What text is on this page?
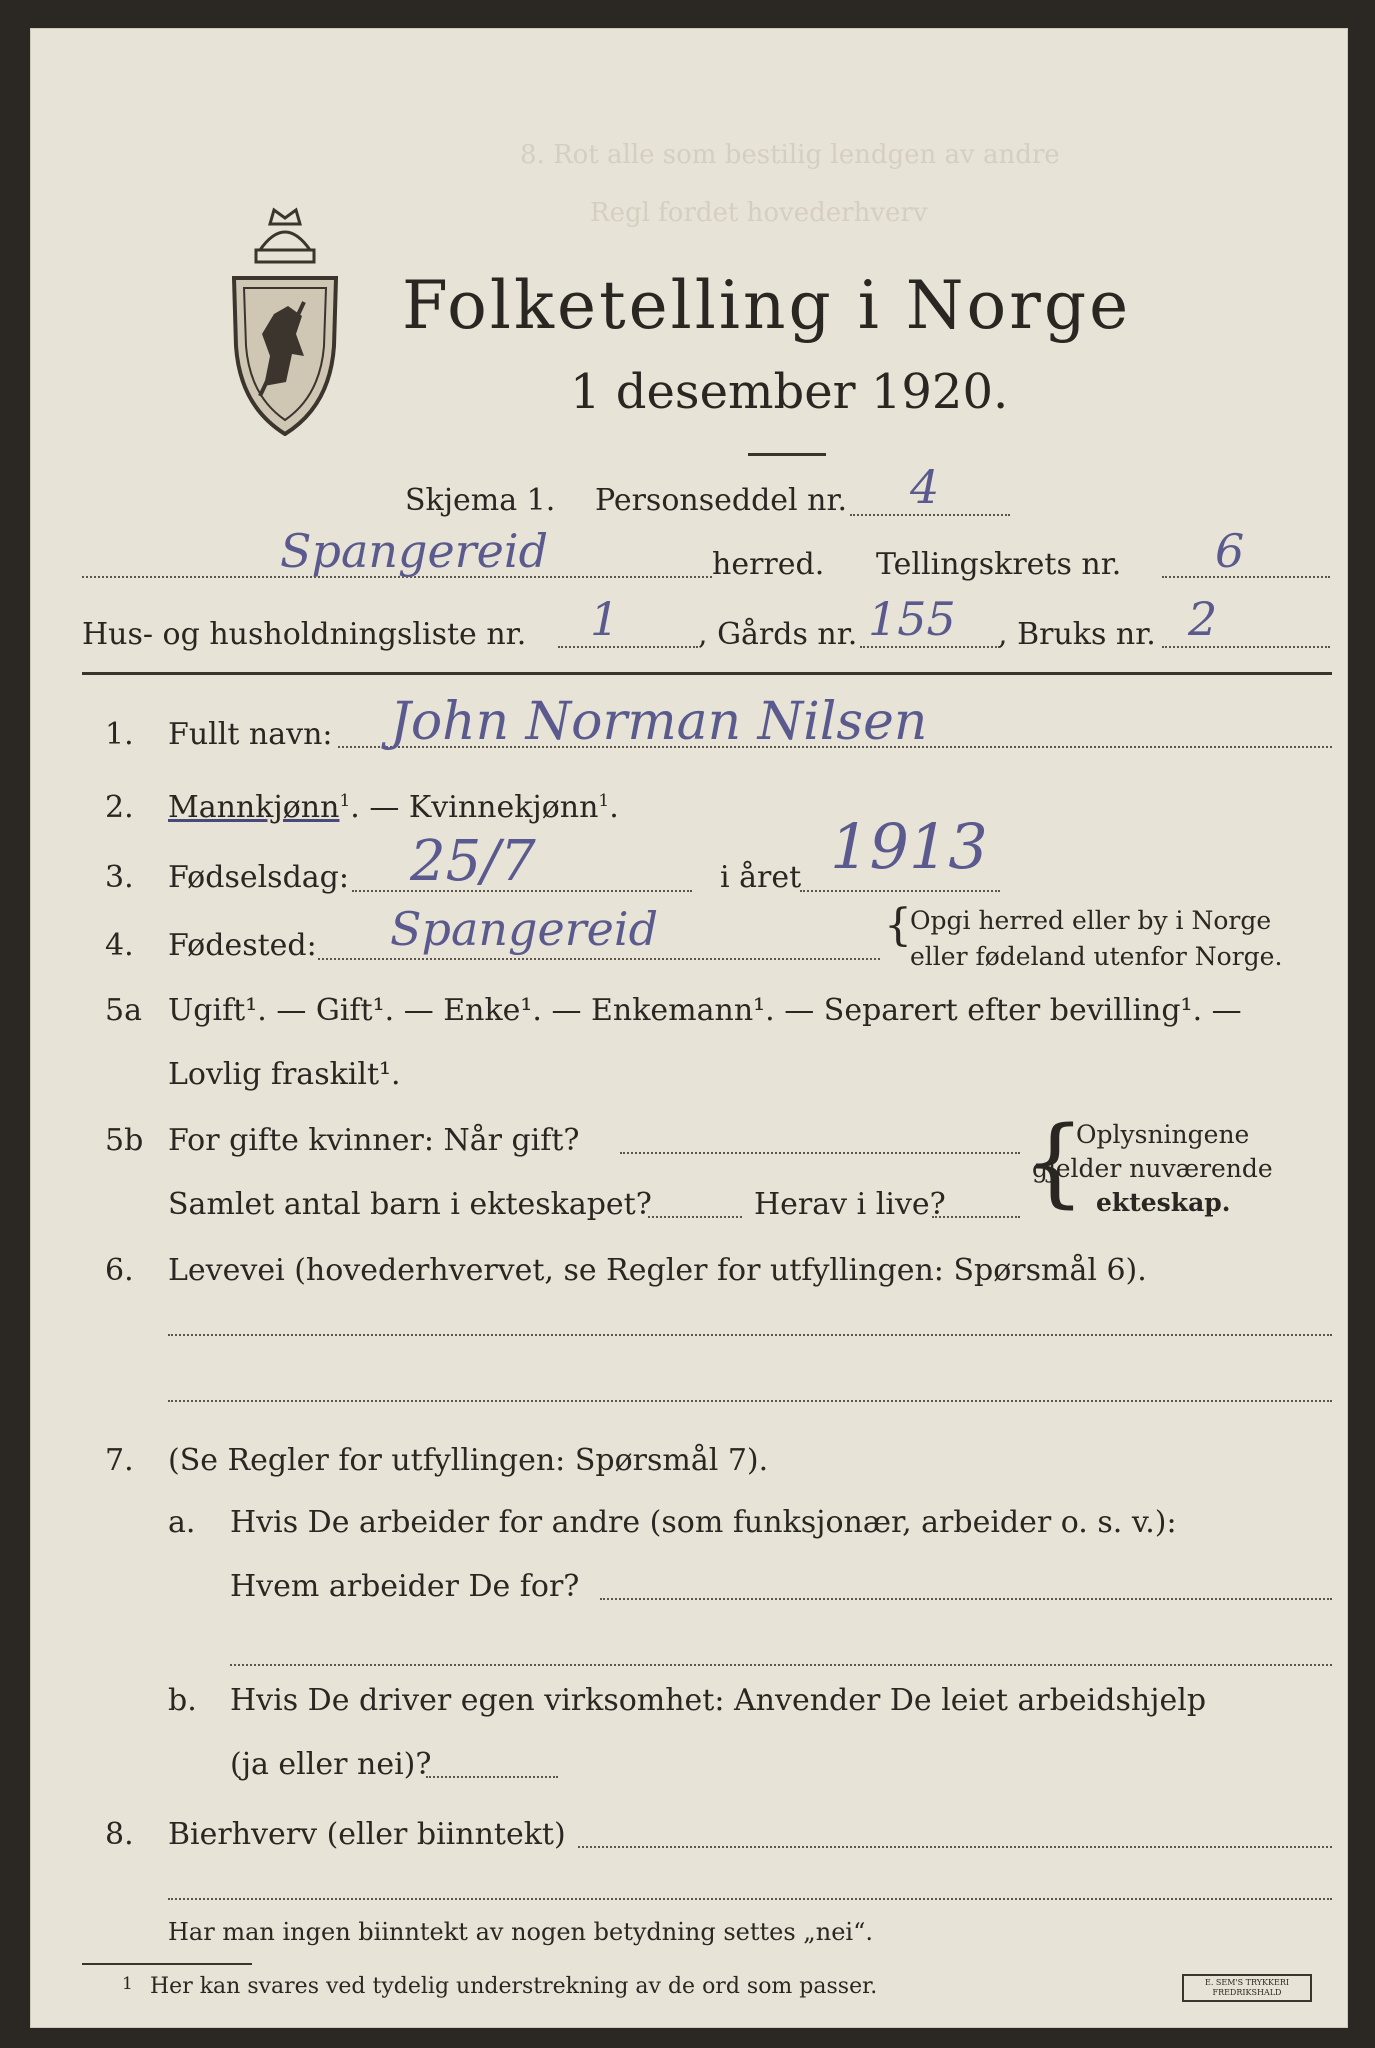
8. Rot alle som bestilig lendgen av andre
Regl fordet hovederhverv
Folketelling i Norge
1 desember 1920.
Skjema 1. Personseddel nr. 4
Spangereid	herred. Tellingskrets nr. 6
Hus- og husholdningsliste nr. 1	, Gårds nr. 155 , Bruks nr. 2
1. Fullt navn: John Norman Nilsen
2. Mannkjønn$^1$. — Kvinnekjønn$^1$.
3. Fødselsdag: 25/7	i året 1913
4. Fødested: Spangereid	{
Opgi herred eller by i Norge
eller fødeland utenfor Norge.
5a Ugift¹. — Gift¹. — Enke¹. — Enkemann¹. — Separert efter bevilling¹. —
Lovlig fraskilt¹.
5b For gifte kvinner: Når gift?
Samlet antal barn i ekteskapet?	Herav i live? {
Oplysningene
gjelder nuværende
ekteskap.
6. Levevei (hovederhvervet, se Regler for utfyllingen: Spørsmål 6).
7. (Se Regler for utfyllingen: Spørsmål 7).
a. Hvis De arbeider for andre (som funksjonær, arbeider o. s. v.):
Hvem arbeider De for?
b. Hvis De driver egen virksomhet: Anvender De leiet arbeidshjelp
(ja eller nei)?
8. Bierhverv (eller biinntekt)
Har man ingen biinntekt av nogen betydning settes „nei“.
1 Her kan svares ved tydelig understrekning av de ord som passer.	E. SEM'S TRYKKERI FREDRIKSHALD
